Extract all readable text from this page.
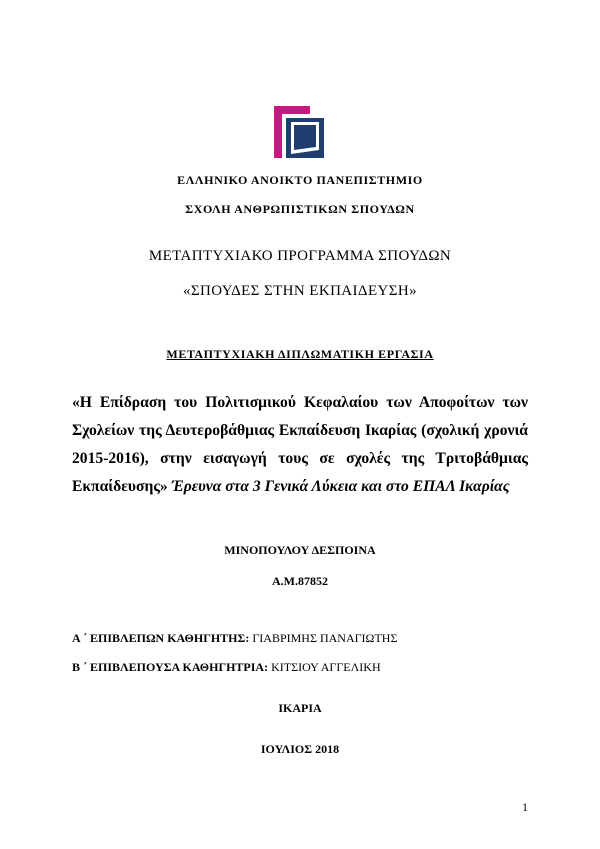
ΕΛΛΗΝΙΚΟ ΑΝΟΙΚΤΟ ΠΑΝΕΠΙΣΤΗΜΙΟ
ΣΧΟΛΗ ΑΝΘΡΩΠΙΣΤΙΚΩΝ ΣΠΟΥΔΩΝ
ΜΕΤΑΠΤΥΧΙΑΚΟ ΠΡΟΓΡΑΜΜΑ ΣΠΟΥΔΩΝ
«ΣΠΟΥΔΕΣ ΣΤΗΝ ΕΚΠΑΙΔΕΥΣΗ»
ΜΕΤΑΠΤΥΧΙΑΚΗ ΔΙΠΛΩΜΑΤΙΚΗ ΕΡΓΑΣΙΑ
«Η Επίδραση του Πολιτισμικού Κεφαλαίου των Αποφοίτων των Σχολείων της Δευτεροβάθμιας Εκπαίδευση Ικαρίας (σχολική χρονιά 2015-2016), στην εισαγωγή τους σε σχολές της Τριτοβάθμιας Εκπαίδευσης» Έρευνα στα 3 Γενικά Λύκεια και στο ΕΠΑΛ Ικαρίας
ΜΙΝΟΠΟΥΛΟΥ ΔΕΣΠΟΙΝΑ
Α.Μ.87852
Α ΄ ΕΠΙΒΛΕΠΩΝ ΚΑΘΗΓΗΤΗΣ: ΓΙΑΒΡΙΜΗΣ ΠΑΝΑΓΙΩΤΗΣ
Β ΄ ΕΠΙΒΛΕΠΟΥΣΑ ΚΑΘΗΓΗΤΡΙΑ: ΚΙΤΣΙΟΥ ΑΓΓΕΛΙΚΗ
ΙΚΑΡΙΑ
ΙΟΥΛΙΟΣ 2018
1
